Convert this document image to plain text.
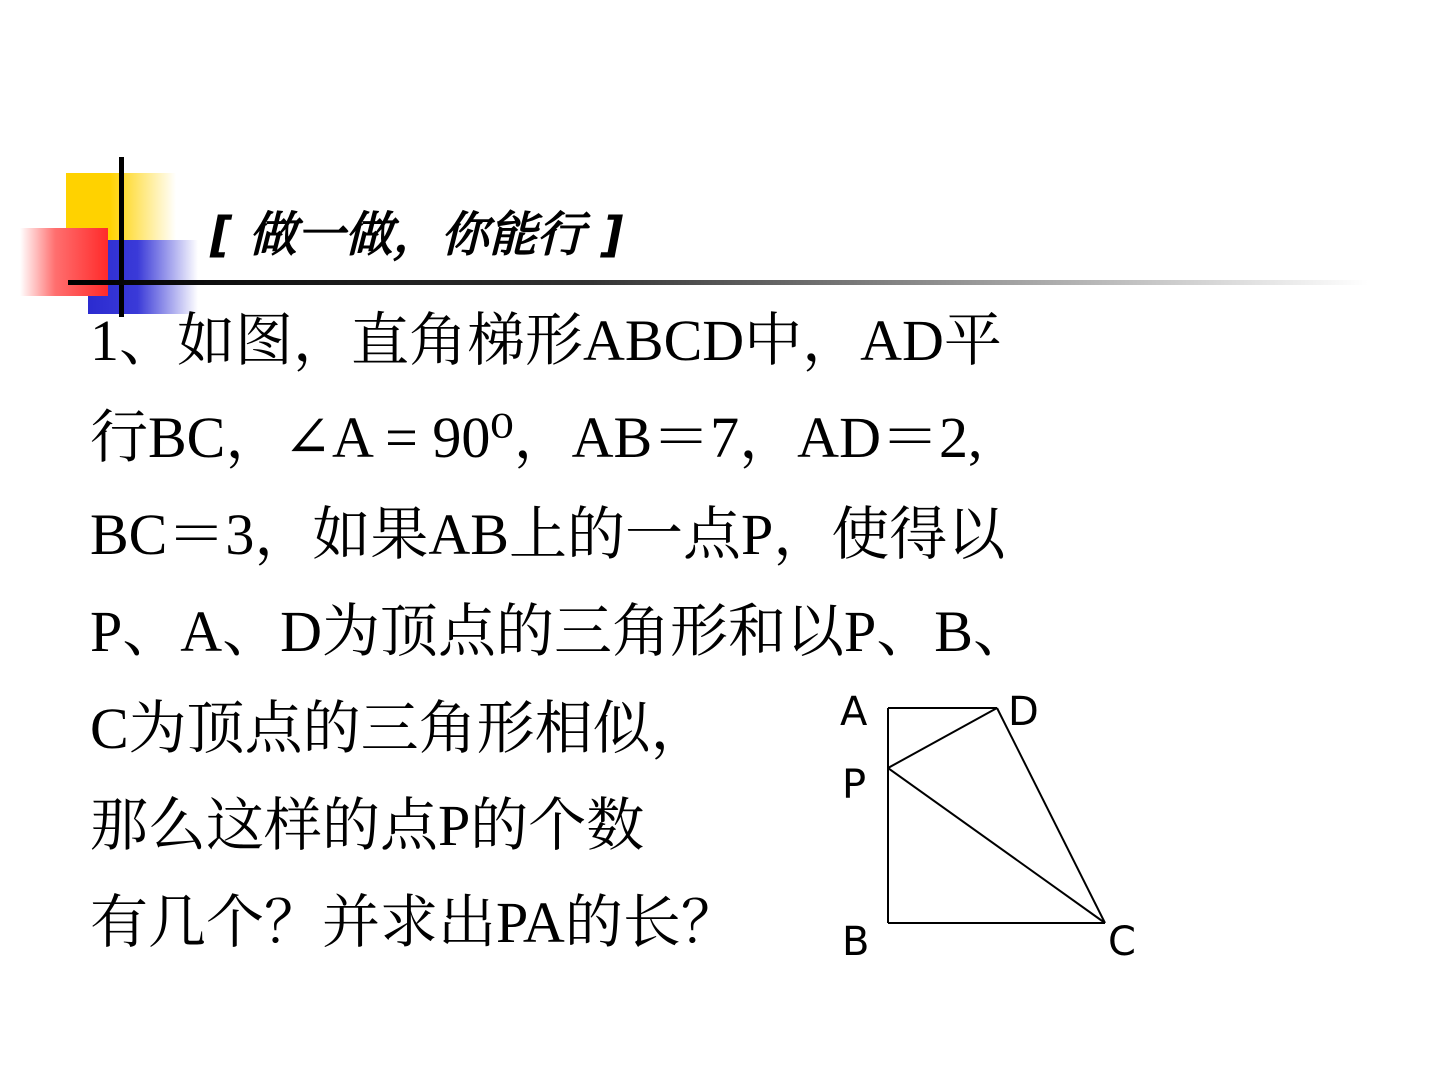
[ 做一做，你能行 ]
1、如图，直角梯形ABCD中，AD平
行BC，∠A = 90⁰，AB＝7，AD＝2,
BC＝3，如果AB上的一点P，使得以
P、A、D为顶点的三角形和以P、B、
C为顶点的三角形相似，
那么这样的点P的个数
有几个？并求出PA的长？
A	D
P
B	C
